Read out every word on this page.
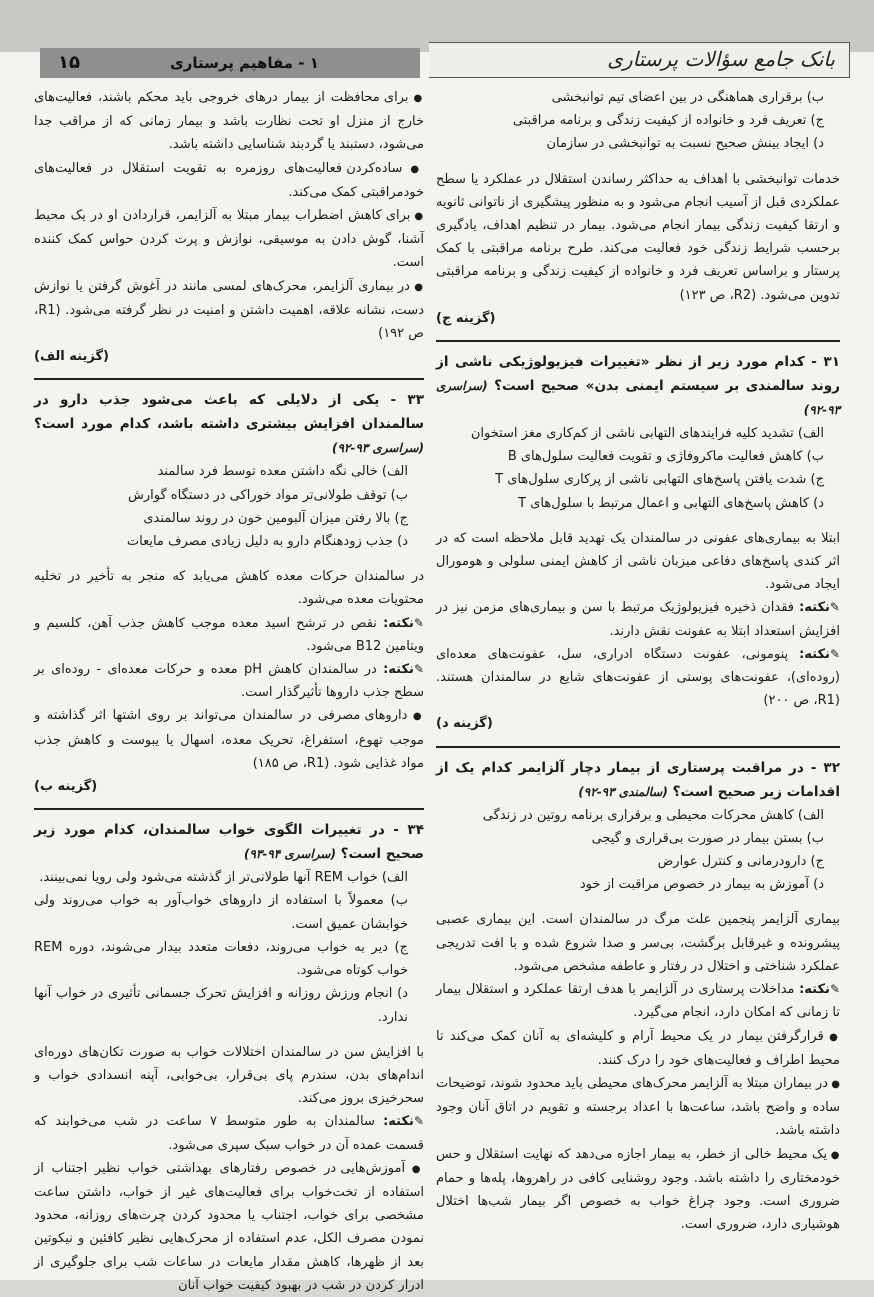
بانک جامع سؤالات پرستاری
۱ - مفاهیم پرستاری
۱۵

ب) برقراری هماهنگی در بین اعضای تیم توانبخشی

ج) تعریف فرد و خانواده از کیفیت زندگی و برنامه مراقبتی

د) ایجاد بینش صحیح نسبت به توانبخشی در سازمان

خدمات توانبخشی با اهداف به حداکثر رساندن استقلال در عملکرد یا سطح عملکردی قبل از آسیب انجام می‌شود و به منظور پیشگیری از ناتوانی ثانویه و ارتقا کیفیت زندگی بیمار انجام می‌شود. بیمار در تنظیم اهداف، یادگیری برحسب شرایط زندگی خود فعالیت می‌کند. طرح برنامه مراقبتی با کمک پرستار و براساس تعریف فرد و خانواده از کیفیت زندگی و برنامه مراقبتی تدوین می‌شود. (R2، ص ۱۲۳)

(گزینه ج)

۳۱ - کدام مورد زیر از نظر «تغییرات فیزیولوژیکی ناشی از روند سالمندی بر سیستم ایمنی بدن» صحیح است؟ (سراسری ۹۳-۹۲)

الف) تشدید کلیه فرایندهای التهابی ناشی از کم‌کاری مغز استخوان

ب) کاهش فعالیت ماکروفاژی و تقویت فعالیت سلول‌های B

ج) شدت یافتن پاسخ‌های التهابی ناشی از پرکاری سلول‌های T

د) کاهش پاسخ‌های التهابی و اعمال مرتبط با سلول‌های T

ابتلا به بیماری‌های عفونی در سالمندان یک تهدید قابل ملاحظه است که در اثر کندی پاسخ‌های دفاعی میزبان ناشی از کاهش ایمنی سلولی و هومورال ایجاد می‌شود.

✎نکته: فقدان ذخیره فیزیولوژیک مرتبط با سن و بیماری‌های مزمن نیز در افزایش استعداد ابتلا به عفونت نقش دارند.

✎نکته: پنومونی، عفونت دستگاه ادراری، سل، عفونت‌های معده‌ای (روده‌ای)، عفونت‌های پوستی از عفونت‌های شایع در سالمندان هستند. (R1، ص ۲۰۰)

(گزینه د)

۳۲ - در مراقبت پرستاری از بیمار دچار آلزایمر کدام یک از اقدامات زیر صحیح است؟ (سالمندی ۹۳-۹۲)

الف) کاهش محرکات محیطی و برقراری برنامه روتین در زندگی

ب) بستن بیمار در صورت بی‌قراری و گیجی

ج) دارودرمانی و کنترل عوارض

د) آموزش به بیمار در خصوص مراقبت از خود

بیماری آلزایمر پنجمین علت مرگ در سالمندان است. این بیماری عصبی پیشرونده و غیرقابل برگشت، بی‌سر و صدا شروع شده و با افت تدریجی عملکرد شناختی و اختلال در رفتار و عاطفه مشخص می‌شود.

✎نکته: مداخلات پرستاری در آلزایمر با هدف ارتقا عملکرد و استقلال بیمار تا زمانی که امکان دارد، انجام می‌گیرد.

● قرارگرفتن بیمار در یک محیط آرام و کلیشه‌ای به آنان کمک می‌کند تا محیط اطراف و فعالیت‌های خود را درک کنند.

● در بیماران مبتلا به آلزایمر محرک‌های محیطی باید محدود شوند، توضیحات ساده و واضح باشد، ساعت‌ها با اعداد برجسته و تقویم در اتاق آنان وجود داشته باشد.

● یک محیط خالی از خطر، به بیمار اجازه می‌دهد که نهایت استقلال و حس خودمختاری را داشته باشد. وجود روشنایی کافی در راهروها، پله‌ها و حمام ضروری است. وجود چراغ خواب به خصوص اگر بیمار شب‌ها اختلال هوشیاری دارد، ضروری است.

● برای محافظت از بیمار درهای خروجی باید محکم باشند، فعالیت‌های خارج از منزل او تحت نظارت باشد و بیمار زمانی که از مراقب جدا می‌شود، دستبند یا گردبند شناسایی داشته باشد.

● ساده‌کردن فعالیت‌های روزمره به تقویت استقلال در فعالیت‌های خودمراقبتی کمک می‌کند.

● برای کاهش اضطراب بیمار مبتلا به آلزایمر، قراردادن او در یک محیط آشنا، گوش دادن به موسیقی، نوازش و پرت کردن حواس کمک کننده است.

● در بیماری آلزایمر، محرک‌های لمسی مانند در آغوش گرفتن یا نوازش دست، نشانه علاقه، اهمیت داشتن و امنیت در نظر گرفته می‌شود. (R1، ص ۱۹۲)

(گزینه الف)

۳۳ - یکی از دلایلی که باعث می‌شود جذب دارو در سالمندان افزایش بیشتری داشته باشد، کدام مورد است؟ (سراسری ۹۳-۹۲)

الف) خالی نگه داشتن معده توسط فرد سالمند

ب) توقف طولانی‌تر مواد خوراکی در دستگاه گوارش

ج) بالا رفتن میزان آلبومین خون در روند سالمندی

د) جذب زودهنگام دارو به دلیل زیادی مصرف مایعات

در سالمندان حرکات معده کاهش می‌یابد که منجر به تأخیر در تخلیه محتویات معده می‌شود.

✎نکته: نقص در ترشح اسید معده موجب کاهش جذب آهن، کلسیم و ویتامین B12 می‌شود.

✎نکته: در سالمندان کاهش pH معده و حرکات معده‌ای - روده‌ای بر سطح جذب داروها تأثیرگذار است.

● داروهای مصرفی در سالمندان می‌تواند بر روی اشتها اثر گذاشته و موجب تهوع، استفراغ، تحریک معده، اسهال یا یبوست و کاهش جذب مواد غذایی شود. (R1، ص ۱۸۵)

(گزینه ب)

۳۴ - در تغییرات الگوی خواب سالمندان، کدام مورد زیر صحیح است؟ (سراسری ۹۴-۹۳)

الف) خواب REM آنها طولانی‌تر از گذشته می‌شود ولی رویا نمی‌بینند.

ب) معمولاً با استفاده از داروهای خواب‌آور به خواب می‌روند ولی خوابشان عمیق است.

ج) دیر به خواب می‌روند، دفعات متعدد بیدار می‌شوند، دوره REM خواب کوتاه می‌شود.

د) انجام ورزش روزانه و افزایش تحرک جسمانی تأثیری در خواب آنها ندارد.

با افزایش سن در سالمندان اختلالات خواب به صورت تکان‌های دوره‌ای اندام‌های بدن، سندرم پای بی‌قرار، بی‌خوابی، آپنه انسدادی خواب و سحرخیزی بروز می‌کند.

✎نکته: سالمندان به طور متوسط ۷ ساعت در شب می‌خوابند که قسمت عمده آن در خواب سبک سپری می‌شود.

● آموزش‌هایی در خصوص رفتارهای بهداشتی خواب نظیر اجتناب از استفاده از تخت‌خواب برای فعالیت‌های غیر از خواب، داشتن ساعت مشخصی برای خواب، اجتناب یا محدود کردن چرت‌های روزانه، محدود نمودن مصرف الکل، عدم استفاده از محرک‌هایی نظیر کافئین و نیکوتین بعد از ظهرها، کاهش مقدار مایعات در ساعات شب برای جلوگیری از ادرار کردن در شب در بهبود کیفیت خواب آنان
